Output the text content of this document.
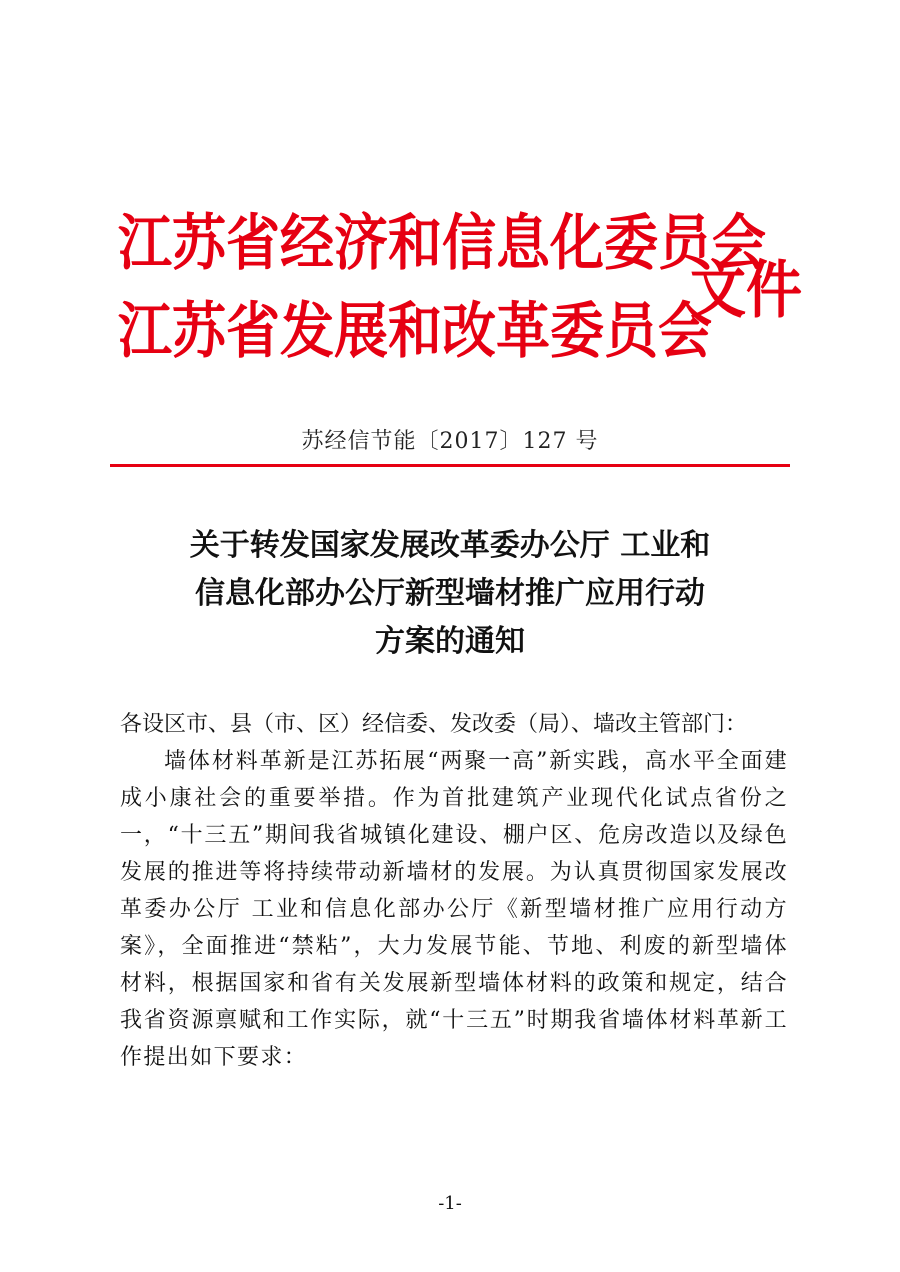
江苏省经济和信息化委员会
江苏省发展和改革委员会
文件
苏经信节能〔2017〕127 号
关于转发国家发展改革委办公厅 工业和
信息化部办公厅新型墙材推广应用行动
方案的通知

各设区市、县（市、区）经信委、发改委（局）、墙改主管部门：

墙体材料革新是江苏拓展“两聚一高”新实践，高水平全面建成小康社会的重要举措。作为首批建筑产业现代化试点省份之一，“十三五”期间我省城镇化建设、棚户区、危房改造以及绿色发展的推进等将持续带动新墙材的发展。为认真贯彻国家发展改革委办公厅 工业和信息化部办公厅《新型墙材推广应用行动方案》，全面推进“禁粘”，大力发展节能、节地、利废的新型墙体材料，根据国家和省有关发展新型墙体材料的政策和规定，结合我省资源禀赋和工作实际，就“十三五”时期我省墙体材料革新工作提出如下要求：

-1-
